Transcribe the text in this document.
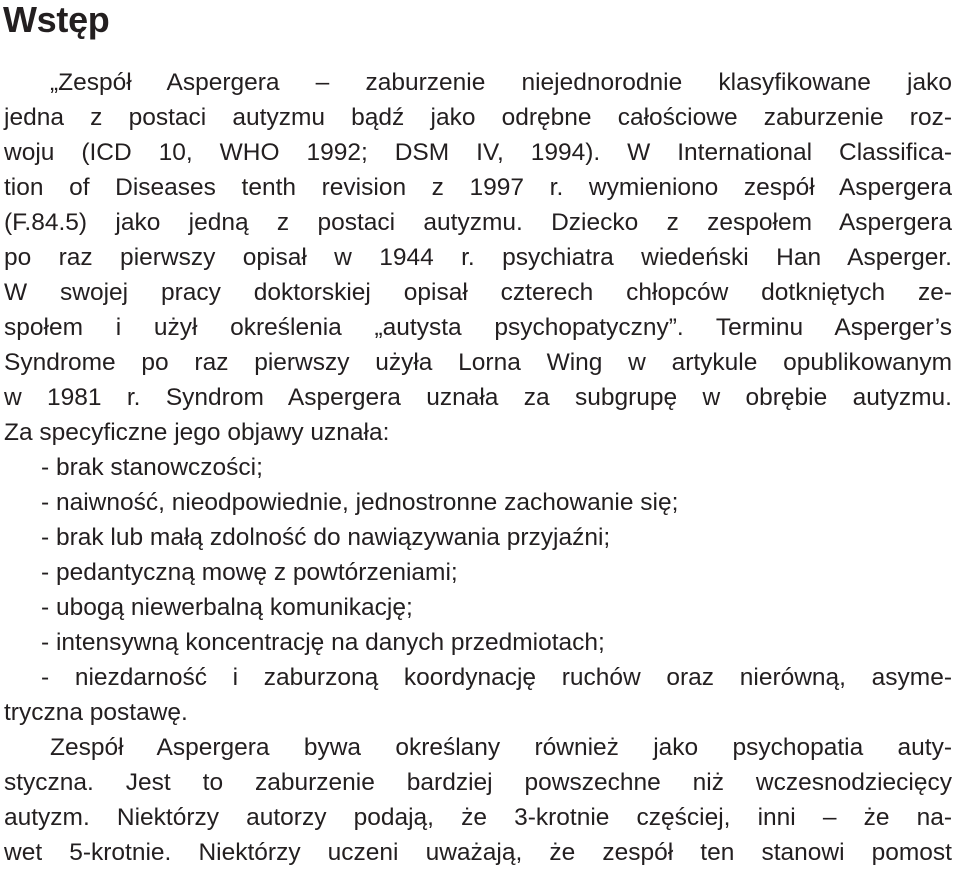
Wstęp
„Zespół Aspergera – zaburzenie niejednorodnie klasyfikowane jako
jedna z postaci autyzmu bądź jako odrębne całościowe zaburzenie roz-
woju (ICD 10, WHO 1992; DSM IV, 1994). W International Classifica-
tion of Diseases tenth revision z 1997 r. wymieniono zespół Aspergera
(F.84.5) jako jedną z postaci autyzmu. Dziecko z zespołem Aspergera
po raz pierwszy opisał w 1944 r. psychiatra wiedeński Han Asperger.
W swojej pracy doktorskiej opisał czterech chłopców dotkniętych ze-
społem i użył określenia „autysta psychopatyczny”. Terminu Asperger’s
Syndrome po raz pierwszy użyła Lorna Wing w artykule opublikowanym
w 1981 r. Syndrom Aspergera uznała za subgrupę w obrębie autyzmu.
Za specyficzne jego objawy uznała:
- brak stanowczości;
- naiwność, nieodpowiednie, jednostronne zachowanie się;
- brak lub małą zdolność do nawiązywania przyjaźni;
- pedantyczną mowę z powtórzeniami;
- ubogą niewerbalną komunikację;
- intensywną koncentrację na danych przedmiotach;
- niezdarność i zaburzoną koordynację ruchów oraz nierówną, asyme-
tryczna postawę.
Zespół Aspergera bywa określany również jako psychopatia auty-
styczna. Jest to zaburzenie bardziej powszechne niż wczesnodziecięcy
autyzm. Niektórzy autorzy podają, że 3-krotnie częściej, inni – że na-
wet 5-krotnie. Niektórzy uczeni uważają, że zespół ten stanowi pomost
